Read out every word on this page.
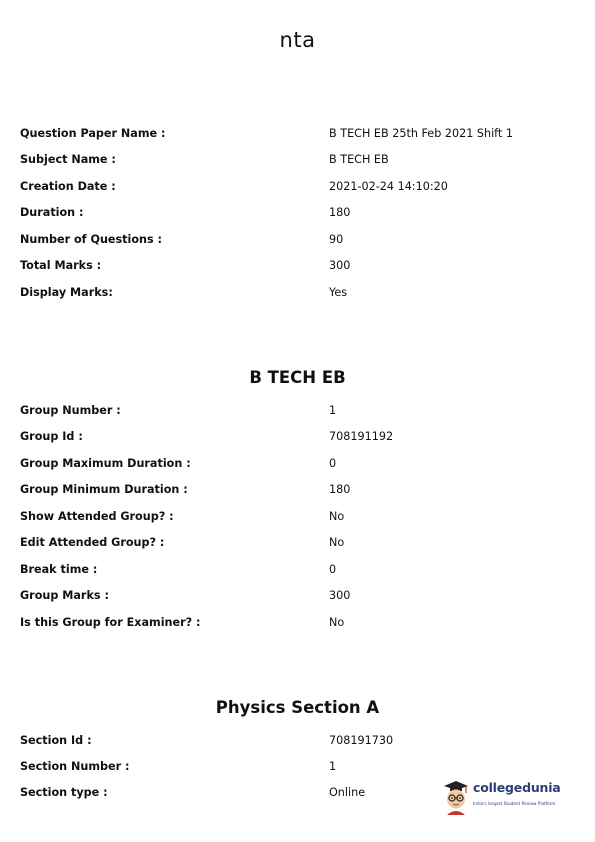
nta
Question Paper Name :	B TECH EB 25th Feb 2021 Shift 1
Subject Name :	B TECH EB
Creation Date :	2021-02-24 14:10:20
Duration :	180
Number of Questions :	90
Total Marks :	300
Display Marks:	Yes
B TECH EB
Group Number :	1
Group Id :	708191192
Group Maximum Duration :	0
Group Minimum Duration :	180
Show Attended Group? :	No
Edit Attended Group? :	No
Break time :	0
Group Marks :	300
Is this Group for Examiner? :	No
Physics Section A
Section Id :	708191730
Section Number :	1
Section type :	Online	collegedunia
India's largest Student Review Platform
